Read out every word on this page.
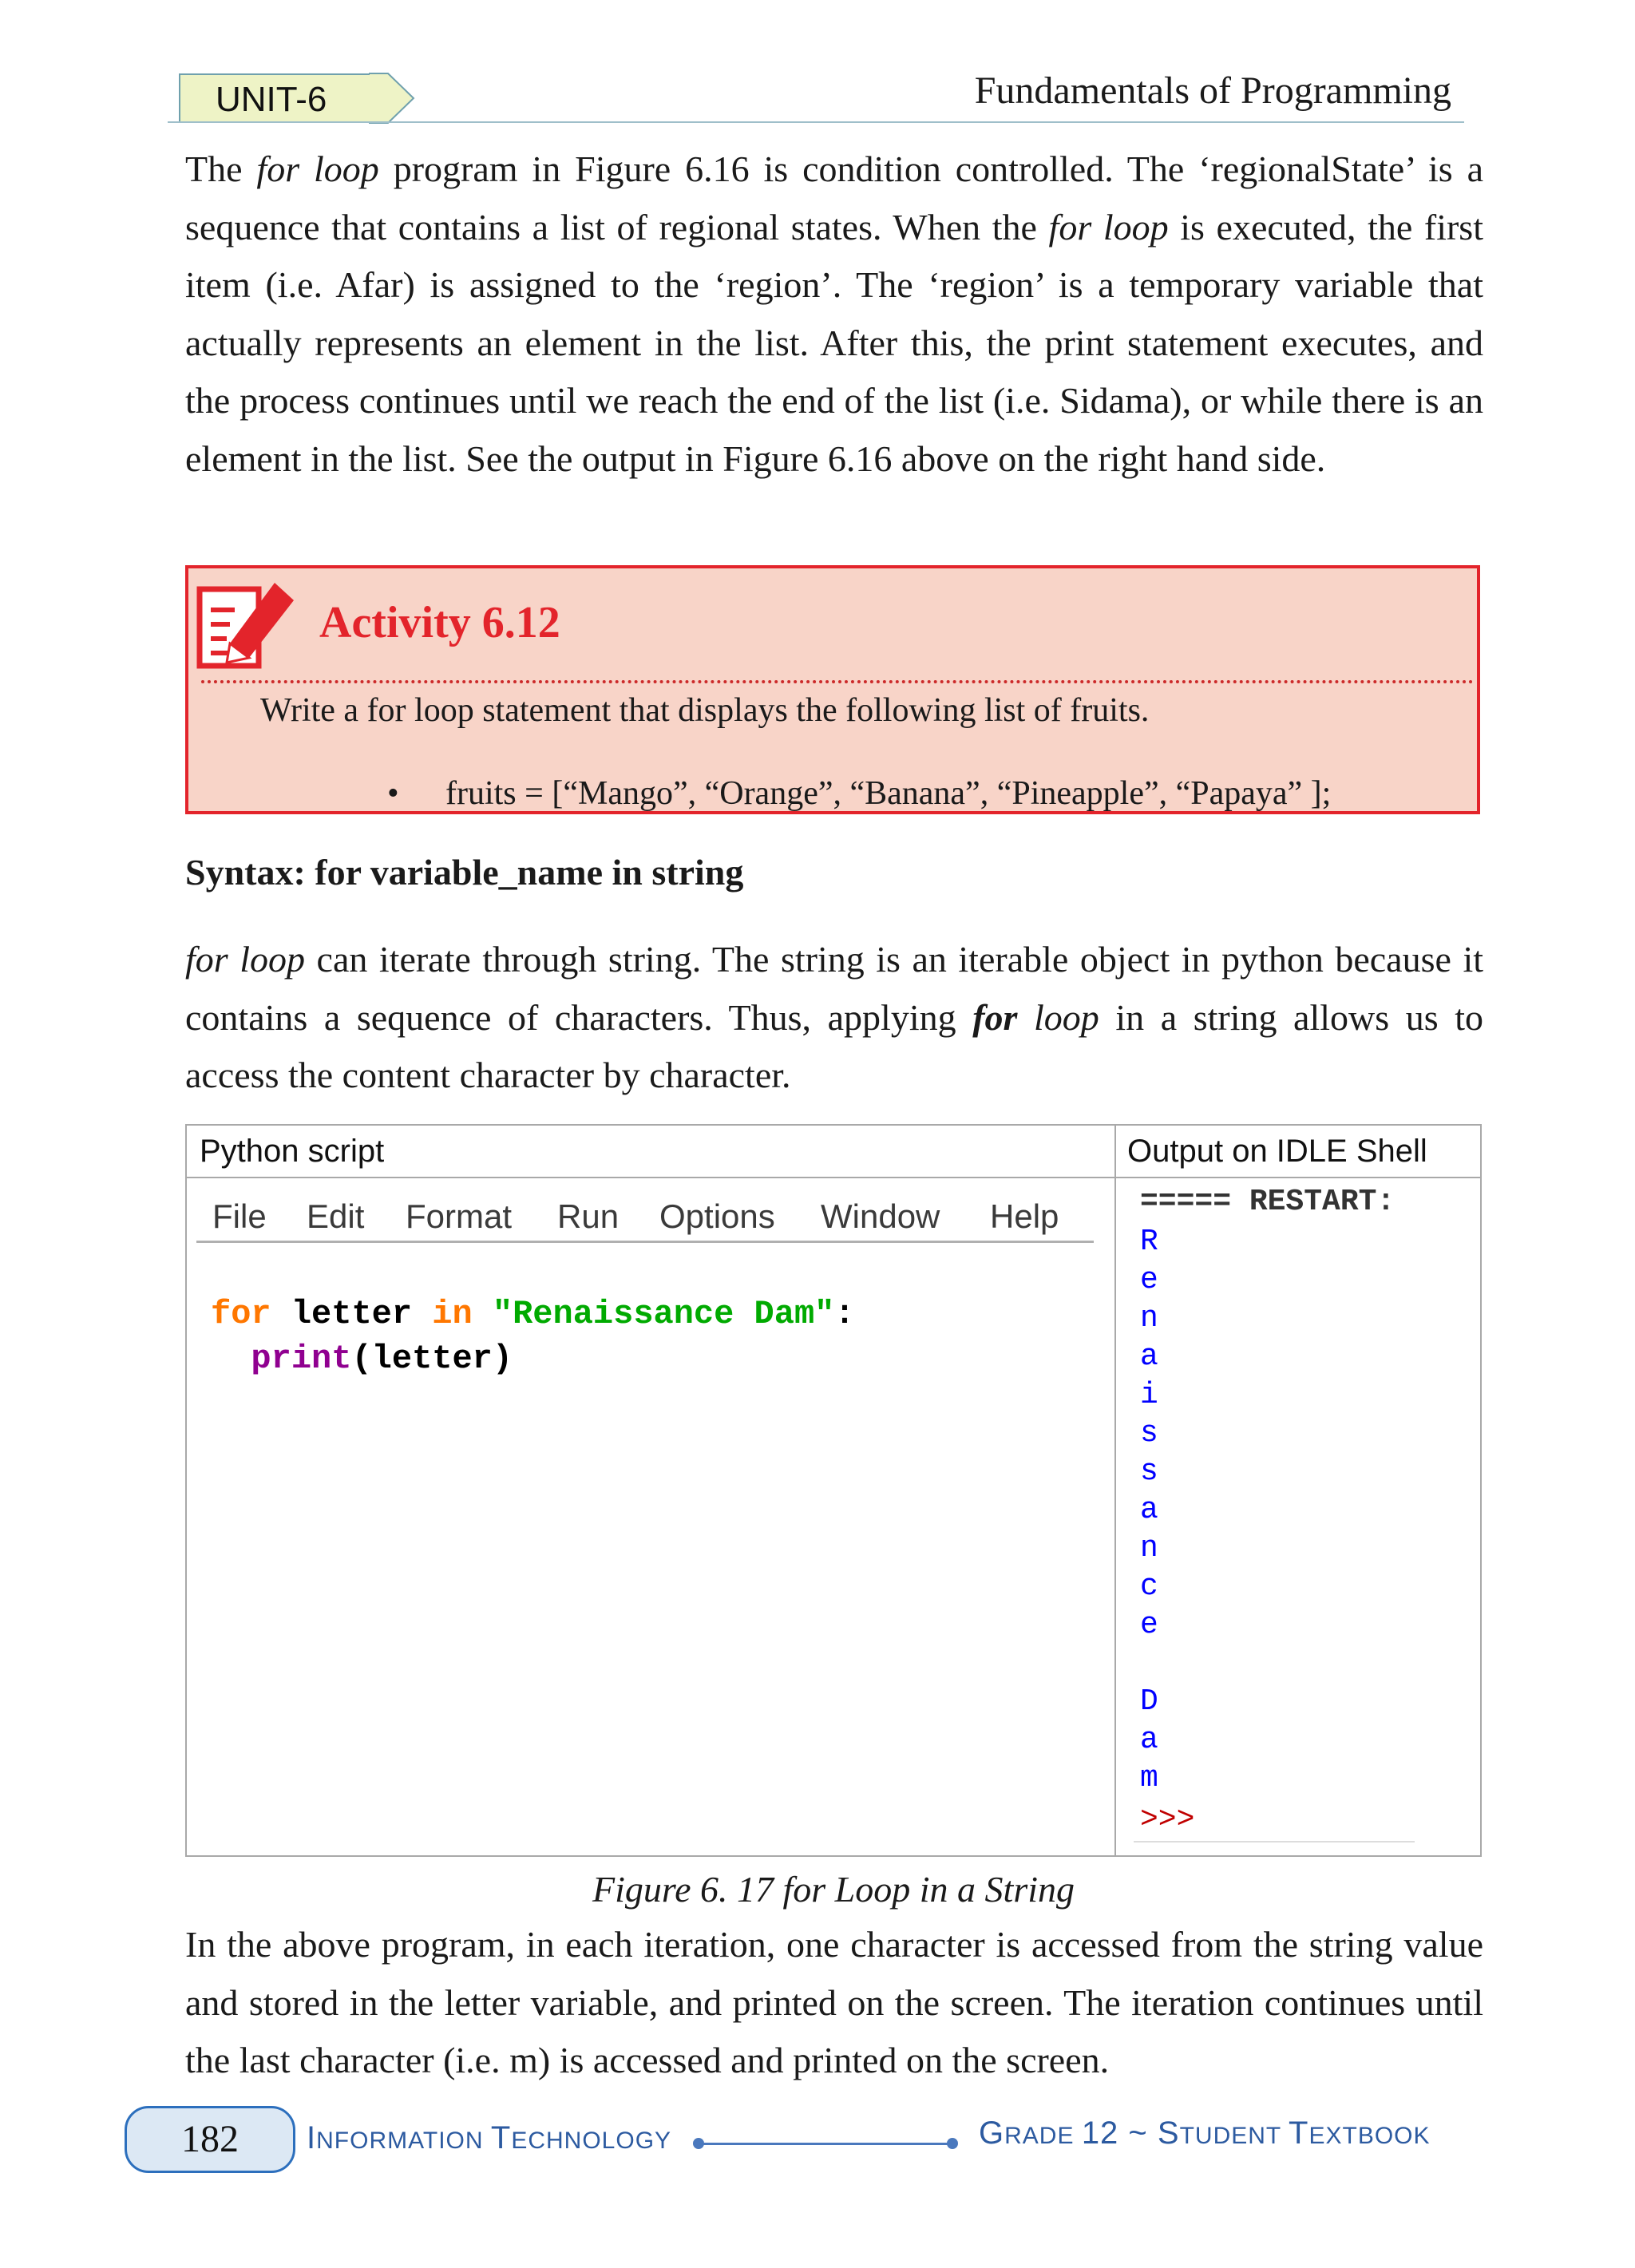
UNIT-6	Fundamentals of Programming

The for loop program in Figure 6.16 is condition controlled. The ‘regionalState’ is a sequence that contains a list of regional states. When the for loop is executed, the first item (i.e. Afar) is assigned to the ‘region’. The ‘region’ is a temporary variable that actually represents an element in the list. After this, the print statement executes, and the process continues until we reach the end of the list (i.e. Sidama), or while there is an element in the list. See the output in Figure 6.16 above on the right hand side.

Activity 6.12
Write a for loop statement that displays the following list of fruits.
• fruits = [“Mango”, “Orange”, “Banana”, “Pineapple”, “Papaya” ];
Syntax: for variable_name in string

for loop can iterate through string. The string is an iterable object in python because it contains a sequence of characters. Thus, applying for loop in a string allows us to access the content character by character.

Python script	Output on IDLE Shell
File Edit Format Run Options Window Help
for letter in "Renaissance Dam":
print(letter)
===== RESTART:
R
e
n
a
i
s
s
a
n
c
e
D
a
m
>>>
Figure 6. 17 for Loop in a String

In the above program, in each iteration, one character is accessed from the string value and stored in the letter variable, and printed on the screen. The iteration continues until the last character (i.e. m) is accessed and printed on the screen.

182	INFORMATION TECHNOLOGY	GRADE 12 ~ STUDENT TEXTBOOK
